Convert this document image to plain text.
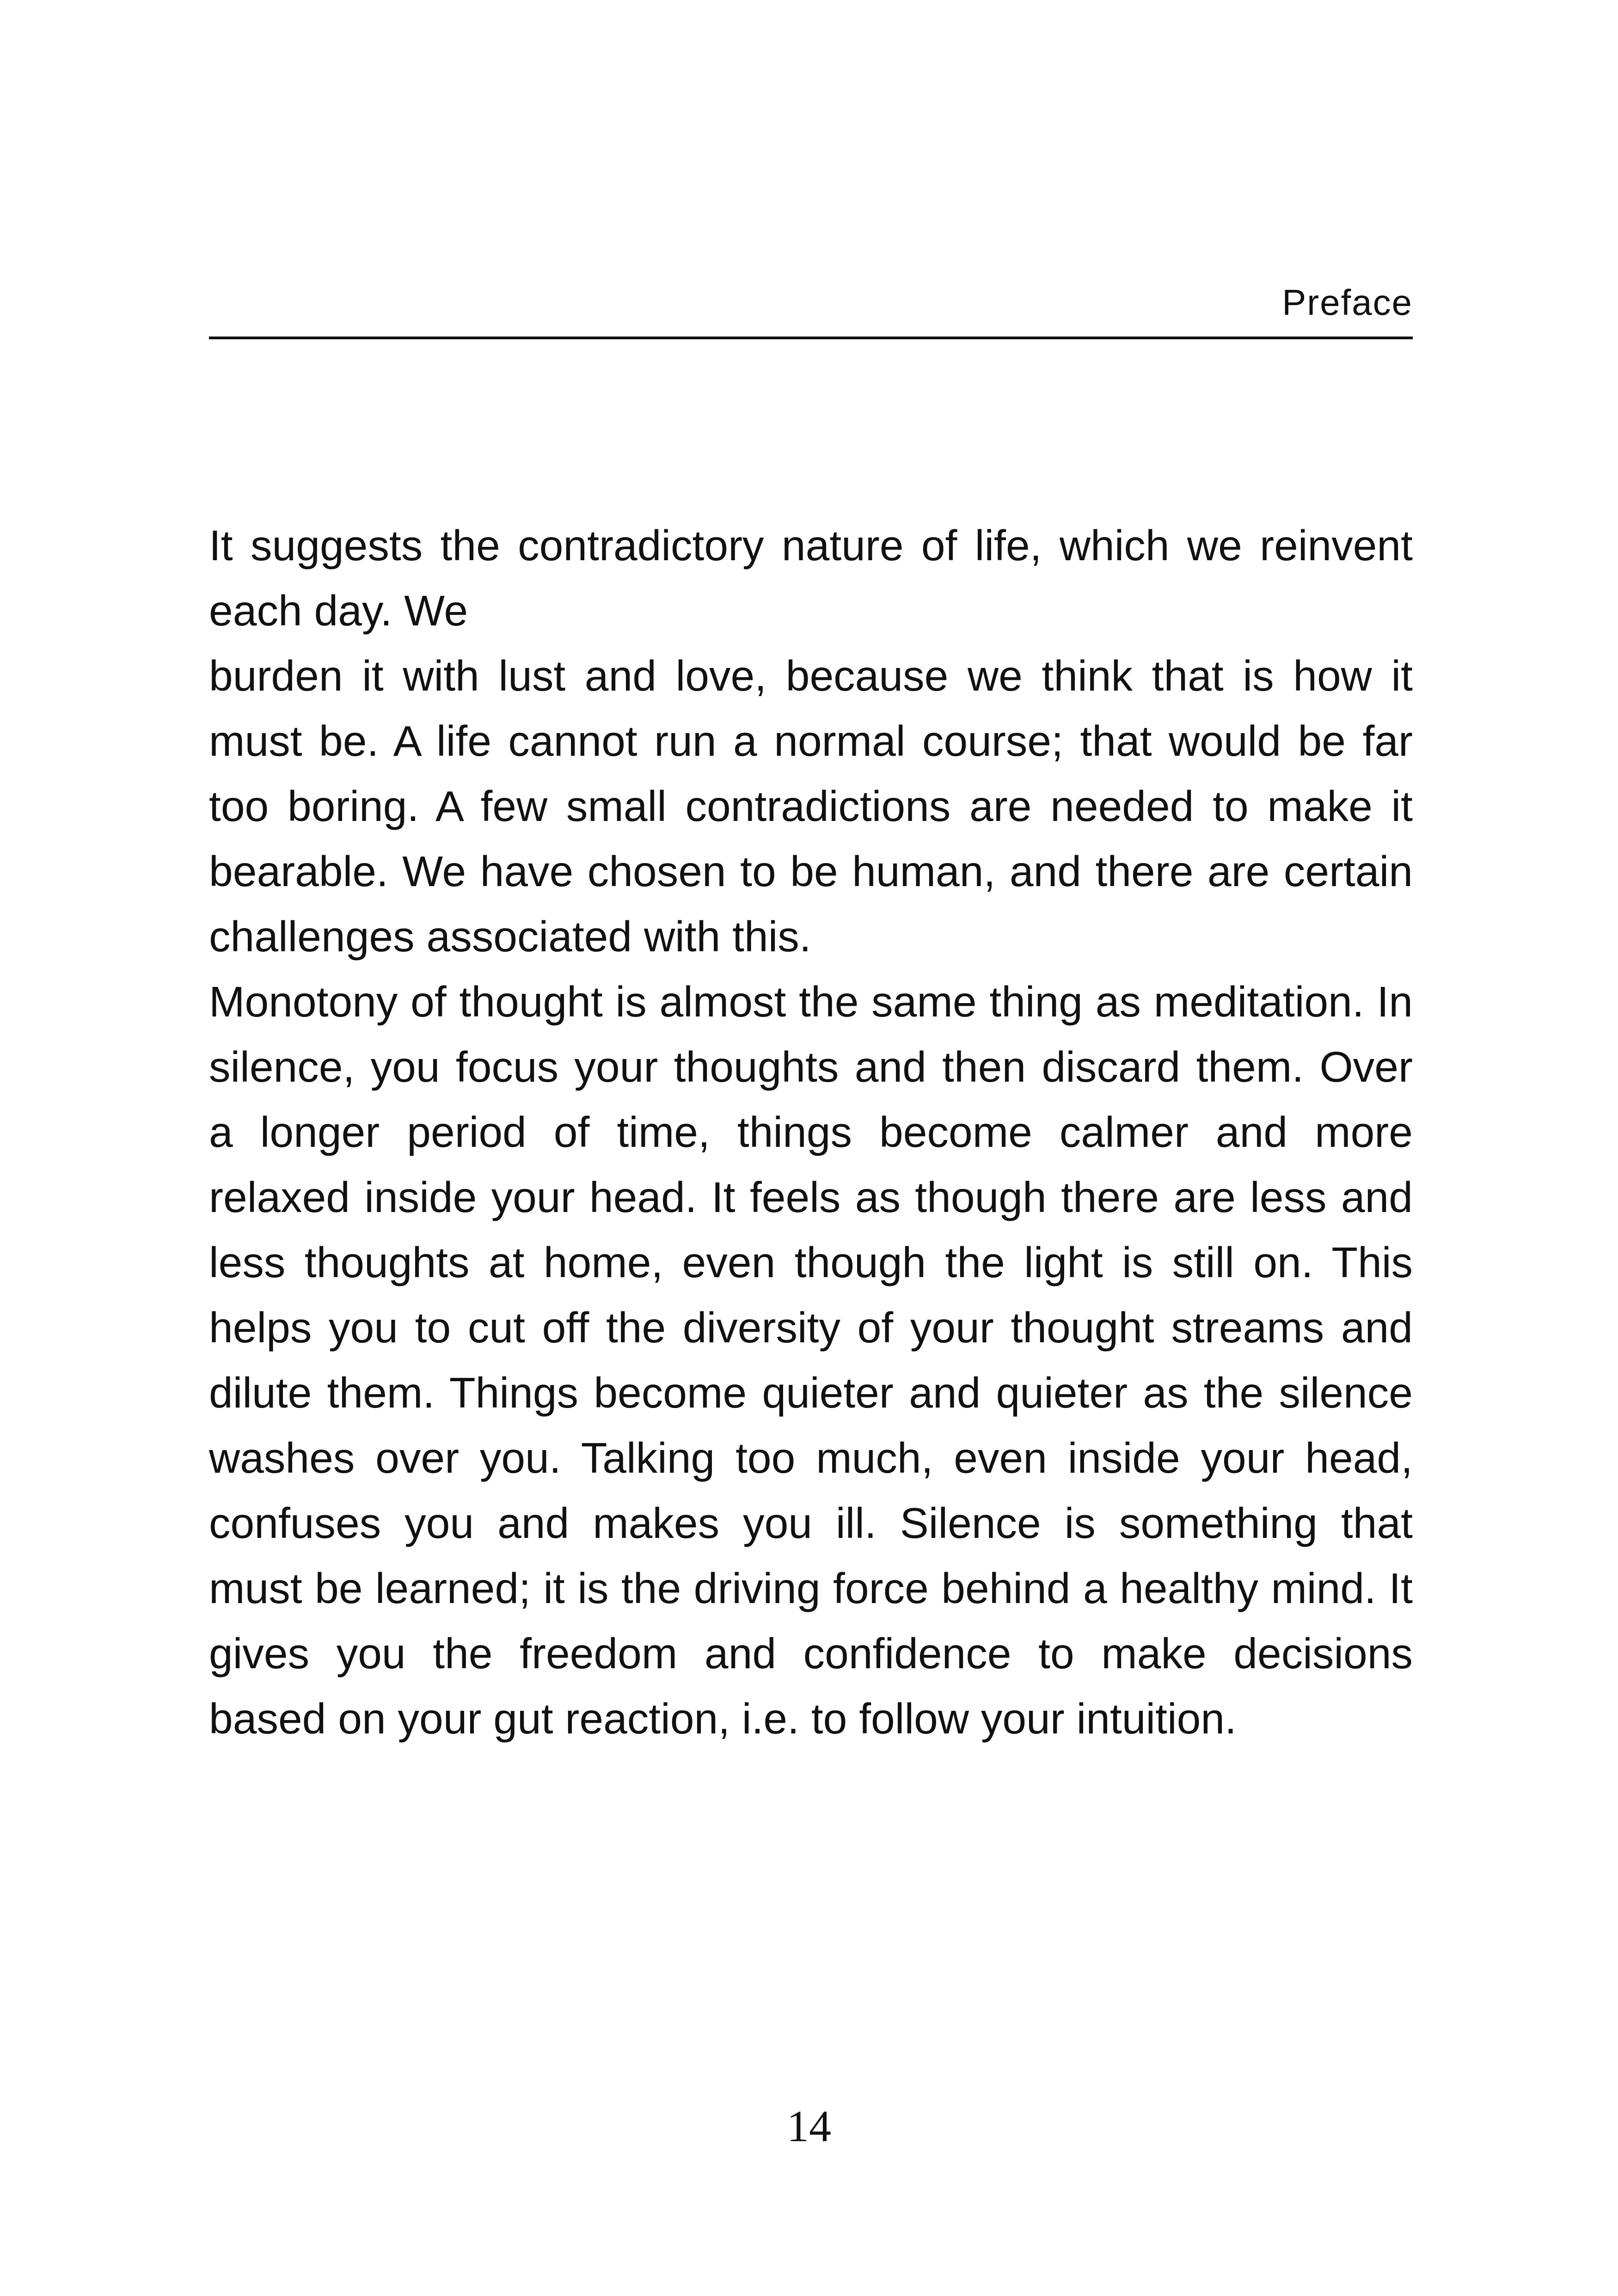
Preface

It suggests the contradictory nature of life, which we reinvent each day. We

burden it with lust and love, because we think that is how it must be. A life cannot run a normal course; that would be far too boring. A few small contradictions are needed to make it bearable. We have chosen to be human, and there are certain challenges associated with this.

Monotony of thought is almost the same thing as meditation. In silence, you focus your thoughts and then discard them. Over a longer period of time, things become calmer and more relaxed inside your head. It feels as though there are less and less thoughts at home, even though the light is still on. This helps you to cut off the diversity of your thought streams and dilute them. Things become quieter and quieter as the silence washes over you. Talking too much, even inside your head, confuses you and makes you ill. Silence is something that must be learned; it is the driving force behind a healthy mind. It gives you the freedom and confidence to make decisions based on your gut reaction, i.e. to follow your intuition.

14
